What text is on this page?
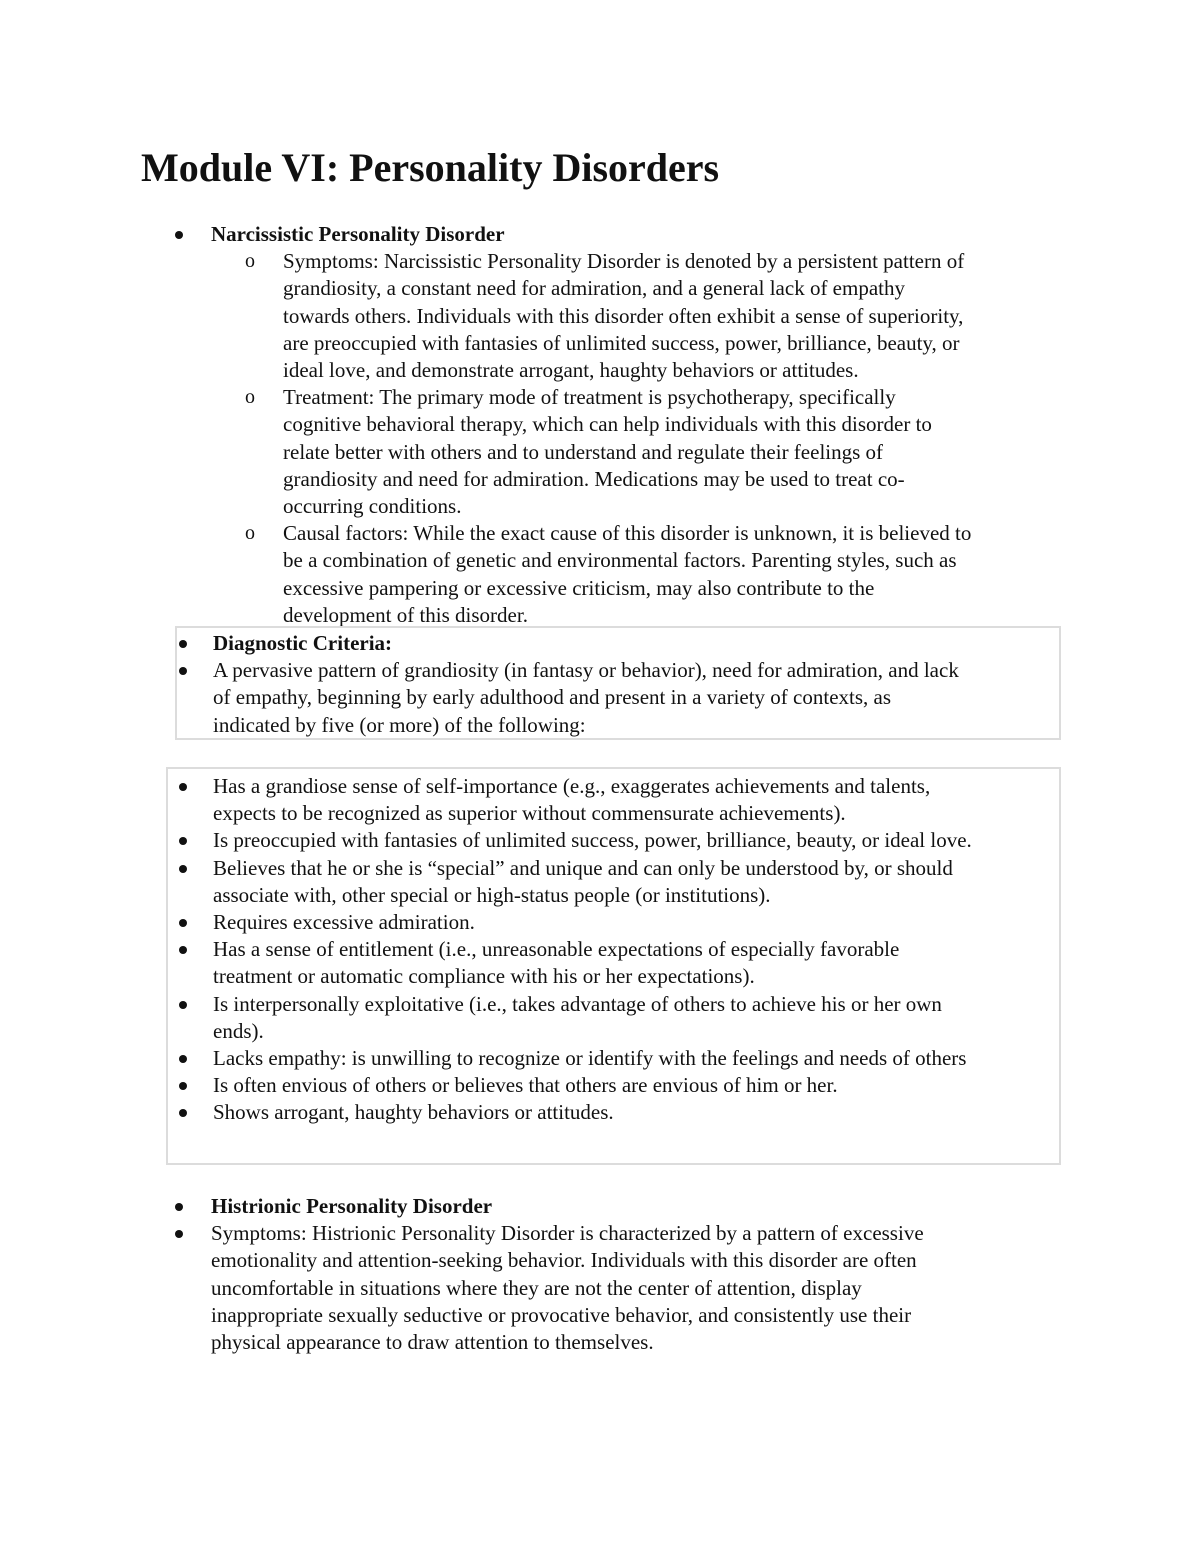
Module VI: Personality Disorders
Narcissistic Personality Disorder
o Symptoms: Narcissistic Personality Disorder is denoted by a persistent pattern of
grandiosity, a constant need for admiration, and a general lack of empathy
towards others. Individuals with this disorder often exhibit a sense of superiority,
are preoccupied with fantasies of unlimited success, power, brilliance, beauty, or
ideal love, and demonstrate arrogant, haughty behaviors or attitudes.
o Treatment: The primary mode of treatment is psychotherapy, specifically
cognitive behavioral therapy, which can help individuals with this disorder to
relate better with others and to understand and regulate their feelings of
grandiosity and need for admiration. Medications may be used to treat co-
occurring conditions.
o Causal factors: While the exact cause of this disorder is unknown, it is believed to
be a combination of genetic and environmental factors. Parenting styles, such as
excessive pampering or excessive criticism, may also contribute to the
development of this disorder.
Diagnostic Criteria:
A pervasive pattern of grandiosity (in fantasy or behavior), need for admiration, and lack
of empathy, beginning by early adulthood and present in a variety of contexts, as
indicated by five (or more) of the following:
Has a grandiose sense of self-importance (e.g., exaggerates achievements and talents,
expects to be recognized as superior without commensurate achievements).
Is preoccupied with fantasies of unlimited success, power, brilliance, beauty, or ideal love.
Believes that he or she is “special” and unique and can only be understood by, or should
associate with, other special or high-status people (or institutions).
Requires excessive admiration.
Has a sense of entitlement (i.e., unreasonable expectations of especially favorable
treatment or automatic compliance with his or her expectations).
Is interpersonally exploitative (i.e., takes advantage of others to achieve his or her own
ends).
Lacks empathy: is unwilling to recognize or identify with the feelings and needs of others
Is often envious of others or believes that others are envious of him or her.
Shows arrogant, haughty behaviors or attitudes.
Histrionic Personality Disorder
Symptoms: Histrionic Personality Disorder is characterized by a pattern of excessive
emotionality and attention-seeking behavior. Individuals with this disorder are often
uncomfortable in situations where they are not the center of attention, display
inappropriate sexually seductive or provocative behavior, and consistently use their
physical appearance to draw attention to themselves.
